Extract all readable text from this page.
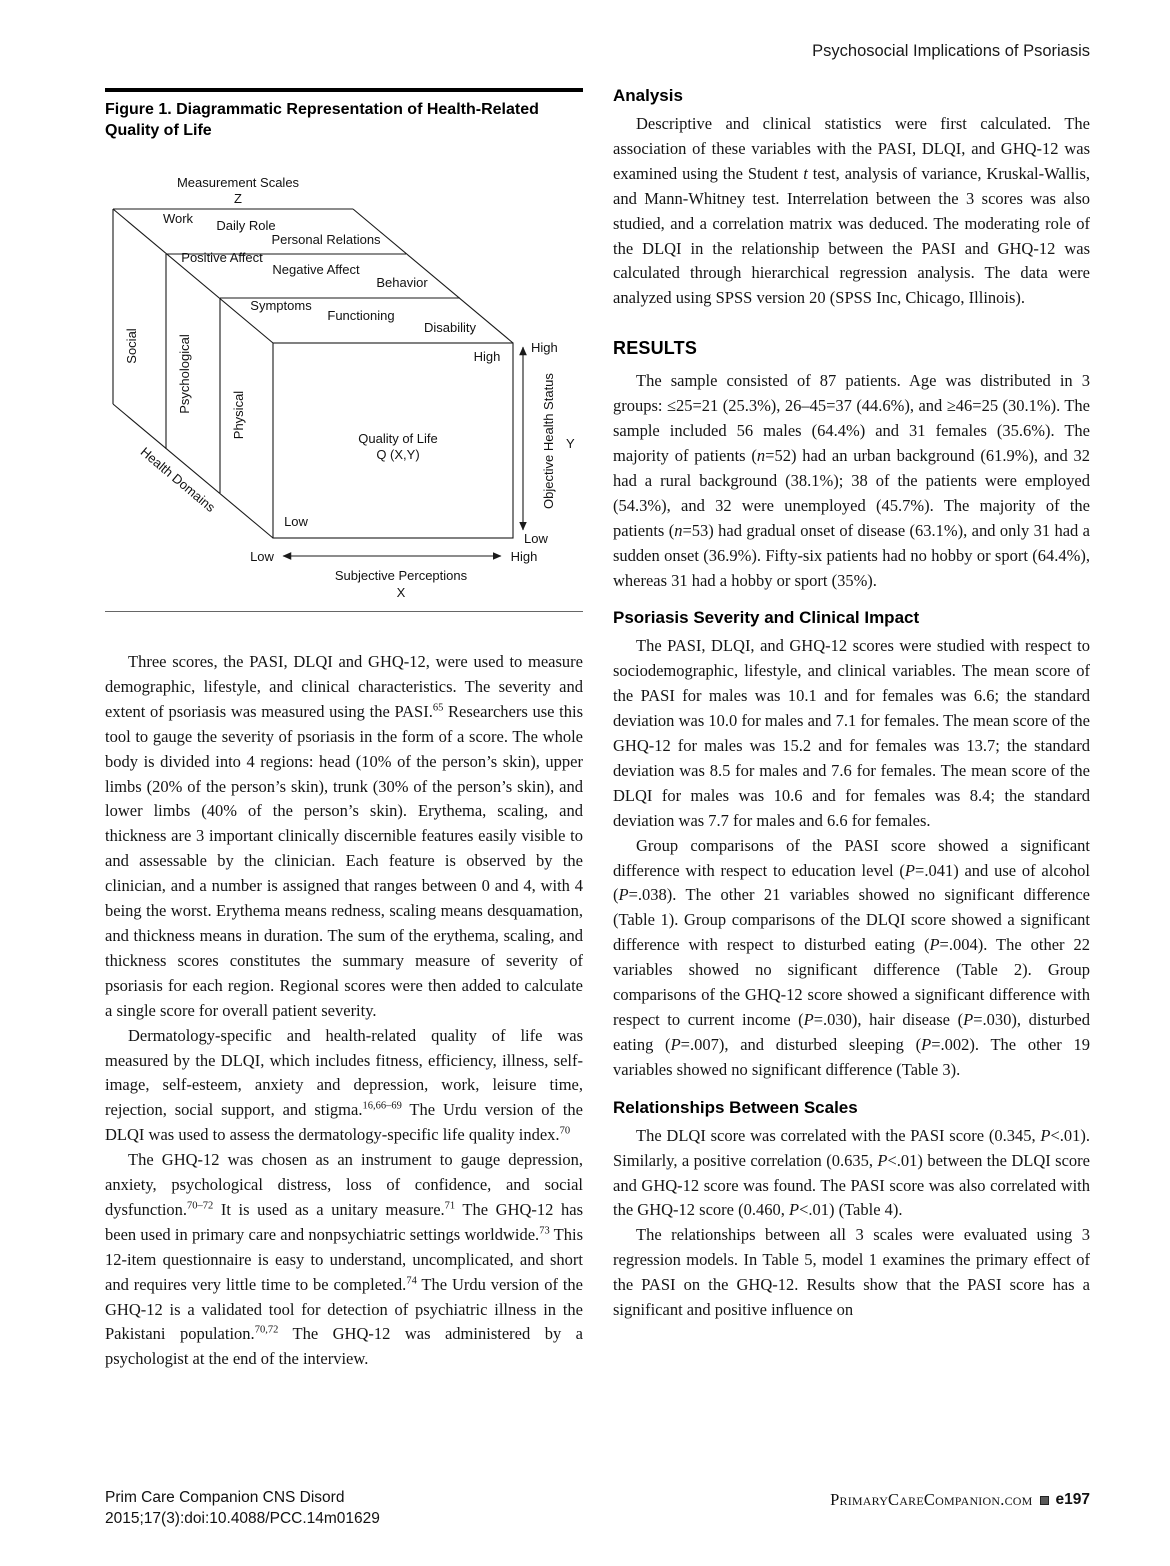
Psychosocial Implications of Psoriasis
Figure 1. Diagrammatic Representation of Health-Related Quality of Life
Measurement Scales
Z
Work Daily Role
Personal Relations
Positive Affect
Negative Affect
Behavior
Symptoms
Functioning
Disability
Social	Psychological
Physical
Health Domains
Quality of Life
Q (X,Y)
High
Low
High
Low
Objective Health Status Y
Low	High
Subjective Perceptions
X

Three scores, the PASI, DLQI and GHQ-12, were used to measure demographic, lifestyle, and clinical characteristics. The severity and extent of psoriasis was measured using the PASI.$^{65}$ Researchers use this tool to gauge the severity of psoriasis in the form of a score. The whole body is divided into 4 regions: head (10% of the person’s skin), upper limbs (20% of the person’s skin), trunk (30% of the person’s skin), and lower limbs (40% of the person’s skin). Erythema, scaling, and thickness are 3 important clinically discernible features easily visible to and assessable by the clinician. Each feature is observed by the clinician, and a number is assigned that ranges between 0 and 4, with 4 being the worst. Erythema means redness, scaling means desquamation, and thickness means in duration. The sum of the erythema, scaling, and thickness scores constitutes the summary measure of severity of psoriasis for each region. Regional scores were then added to calculate a single score for overall patient severity.

Dermatology-specific and health-related quality of life was measured by the DLQI, which includes fitness, efficiency, illness, self-image, self-esteem, anxiety and depression, work, leisure time, rejection, social support, and stigma.$^{16,66-69}$ The Urdu version of the DLQI was used to assess the dermatology-specific life quality index.$^{70}$

The GHQ-12 was chosen as an instrument to gauge depression, anxiety, psychological distress, loss of confidence, and social dysfunction.$^{70-72}$ It is used as a unitary measure.$^{71}$ The GHQ-12 has been used in primary care and nonpsychiatric settings worldwide.$^{73}$ This 12-item questionnaire is easy to understand, uncomplicated, and short and requires very little time to be completed.$^{74}$ The Urdu version of the GHQ-12 is a validated tool for detection of psychiatric illness in the Pakistani population.$^{70,72}$ The GHQ-12 was administered by a psychologist at the end of the interview.

Analysis

Descriptive and clinical statistics were first calculated. The association of these variables with the PASI, DLQI, and GHQ-12 was examined using the Student t test, analysis of variance, Kruskal-Wallis, and Mann-Whitney test. Interrelation between the 3 scores was also studied, and a correlation matrix was deduced. The moderating role of the DLQI in the relationship between the PASI and GHQ-12 was calculated through hierarchical regression analysis. The data were analyzed using SPSS version 20 (SPSS Inc, Chicago, Illinois).

RESULTS

The sample consisted of 87 patients. Age was distributed in 3 groups: ≤25=21 (25.3%), 26–45=37 (44.6%), and ≥46=25 (30.1%). The sample included 56 males (64.4%) and 31 females (35.6%). The majority of patients (n=52) had an urban background (61.9%), and 32 had a rural background (38.1%); 38 of the patients were employed (54.3%), and 32 were unemployed (45.7%). The majority of the patients (n=53) had gradual onset of disease (63.1%), and only 31 had a sudden onset (36.9%). Fifty-six patients had no hobby or sport (64.4%), whereas 31 had a hobby or sport (35%).

Psoriasis Severity and Clinical Impact

The PASI, DLQI, and GHQ-12 scores were studied with respect to sociodemographic, lifestyle, and clinical variables. The mean score of the PASI for males was 10.1 and for females was 6.6; the standard deviation was 10.0 for males and 7.1 for females. The mean score of the GHQ-12 for males was 15.2 and for females was 13.7; the standard deviation was 8.5 for males and 7.6 for females. The mean score of the DLQI for males was 10.6 and for females was 8.4; the standard deviation was 7.7 for males and 6.6 for females.

Group comparisons of the PASI score showed a significant difference with respect to education level (P=.041) and use of alcohol (P=.038). The other 21 variables showed no significant difference (Table 1). Group comparisons of the DLQI score showed a significant difference with respect to disturbed eating (P=.004). The other 22 variables showed no significant difference (Table 2). Group comparisons of the GHQ-12 score showed a significant difference with respect to current income (P=.030), hair disease (P=.030), disturbed eating (P=.007), and disturbed sleeping (P=.002). The other 19 variables showed no significant difference (Table 3).

Relationships Between Scales

The DLQI score was correlated with the PASI score (0.345, P<.01). Similarly, a positive correlation (0.635, P<.01) between the DLQI score and GHQ-12 score was found. The PASI score was also correlated with the GHQ-12 score (0.460, P<.01) (Table 4).

The relationships between all 3 scales were evaluated using 3 regression models. In Table 5, model 1 examines the primary effect of the PASI on the GHQ-12. Results show that the PASI score has a significant and positive influence on

Prim Care Companion CNS Disord
2015;17(3):doi:10.4088/PCC.14m01629
PrimaryCareCompanion.com e197
